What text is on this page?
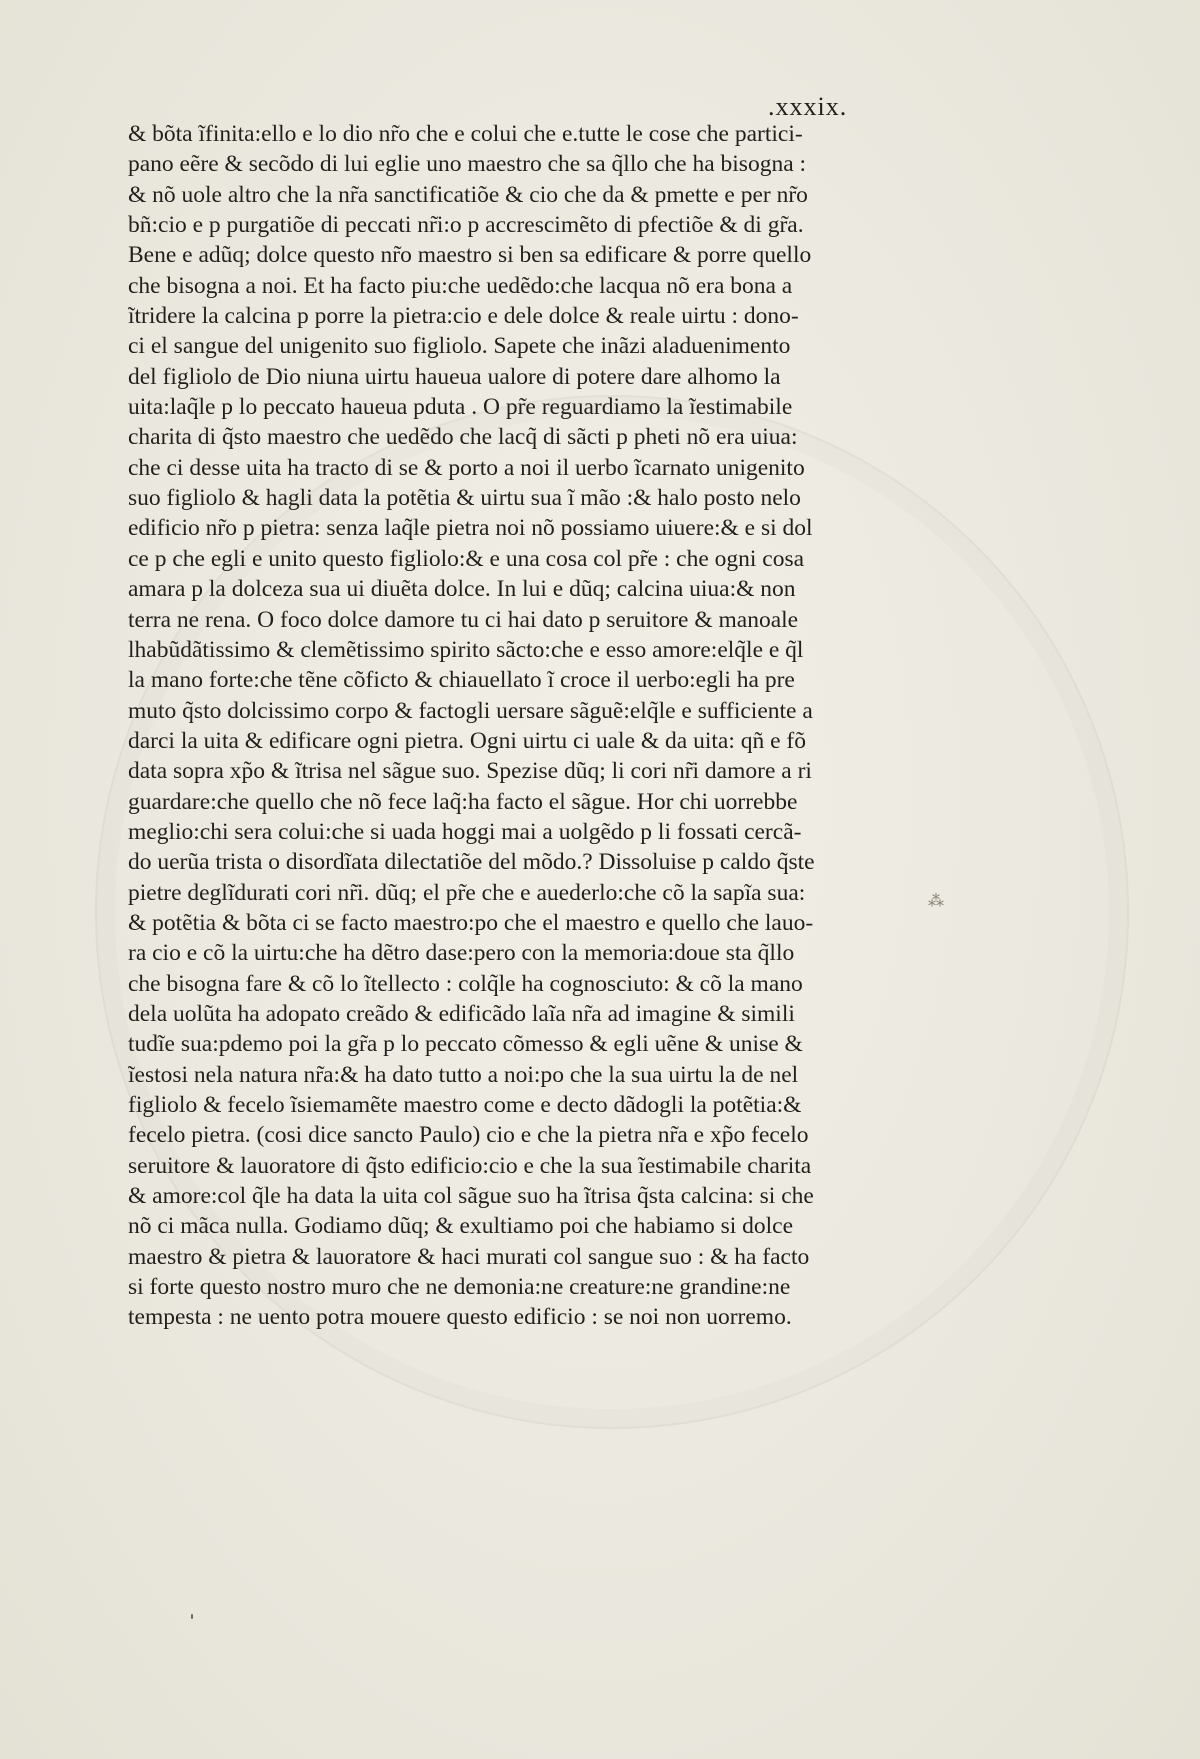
.xxxix.
& bõta ĩfinita:ello e lo dio nr̃o che e colui che e.tutte le cose che partici-
pano eẽre & secõdo di lui eglie uno maestro che sa q̃llo che ha bisogna :
& nõ uole altro che la nr̃a sanctificatiõe & cio che da & pmette e per nr̃o
bñ:cio e p purgatiõe di peccati nr̃i:o p accrescimẽto di pfectiõe & di gr̃a.
Bene e adũq; dolce questo nr̃o maestro si ben sa edificare & porre quello
che bisogna a noi. Et ha facto piu:che uedẽdo:che lacqua nõ era bona a
ĩtridere la calcina p porre la pietra:cio e dele dolce & reale uirtu : dono-
ci el sangue del unigenito suo figliolo. Sapete che inãzi aladuenimento
del figliolo de Dio niuna uirtu haueua ualore di potere dare alhomo la
uita:laq̃le p lo peccato haueua pduta . O pr̃e reguardiamo la ĩestimabile
charita di q̃sto maestro che uedẽdo che lacq̃ di sãcti p pheti nõ era uiua:
che ci desse uita ha tracto di se & porto a noi il uerbo ĩcarnato unigenito
suo figliolo & hagli data la potẽtia & uirtu sua ĩ mão :& halo posto nelo
edificio nr̃o p pietra: senza laq̃le pietra noi nõ possiamo uiuere:& e si dol
ce p che egli e unito questo figliolo:& e una cosa col pr̃e : che ogni cosa
amara p la dolceza sua ui diuẽta dolce. In lui e dũq; calcina uiua:& non
terra ne rena. O foco dolce damore tu ci hai dato p seruitore & manoale
lhabũdãtissimo & clemẽtissimo spirito sãcto:che e esso amore:elq̃le e q̃l
la mano forte:che tẽne cõficto & chiauellato ĩ croce il uerbo:egli ha pre
muto q̃sto dolcissimo corpo & factogli uersare sãguẽ:elq̃le e sufficiente a
darci la uita & edificare ogni pietra. Ogni uirtu ci uale & da uita: qñ e fõ
data sopra xp̃o & ĩtrisa nel sãgue suo. Spezise dũq; li cori nr̃i damore a ri
guardare:che quello che nõ fece laq̃:ha facto el sãgue. Hor chi uorrebbe
meglio:chi sera colui:che si uada hoggi mai a uolgẽdo p li fossati cercã-
do uerũa trista o disordĩata dilectatiõe del mõdo.? Dissoluise p caldo q̃ste
pietre deglĩdurati cori nr̃i. dũq; el pr̃e che e auederlo:che cõ la sapĩa sua:
& potẽtia & bõta ci se facto maestro:po che el maestro e quello che lauo-
ra cio e cõ la uirtu:che ha dẽtro dase:pero con la memoria:doue sta q̃llo
che bisogna fare & cõ lo ĩtellecto : colq̃le ha cognosciuto: & cõ la mano
dela uolũta ha adopato creãdo & edificãdo laĩa nr̃a ad imagine & simili
tudĩe sua:pdemo poi la gr̃a p lo peccato cõmesso & egli uẽne & unise &
ĩestosi nela natura nr̃a:& ha dato tutto a noi:po che la sua uirtu la de nel
figliolo & fecelo ĩsiemamẽte maestro come e decto dãdogli la potẽtia:&
fecelo pietra. (cosi dice sancto Paulo) cio e che la pietra nr̃a e xp̃o fecelo
seruitore & lauoratore di q̃sto edificio:cio e che la sua ĩestimabile charita
& amore:col q̃le ha data la uita col sãgue suo ha ĩtrisa q̃sta calcina: si che
nõ ci mãca nulla. Godiamo dũq; & exultiamo poi che habiamo si dolce
maestro & pietra & lauoratore & haci murati col sangue suo : & ha facto
si forte questo nostro muro che ne demonia:ne creature:ne grandine:ne
tempesta : ne uento potra mouere questo edificio : se noi non uorremo.
⁂
